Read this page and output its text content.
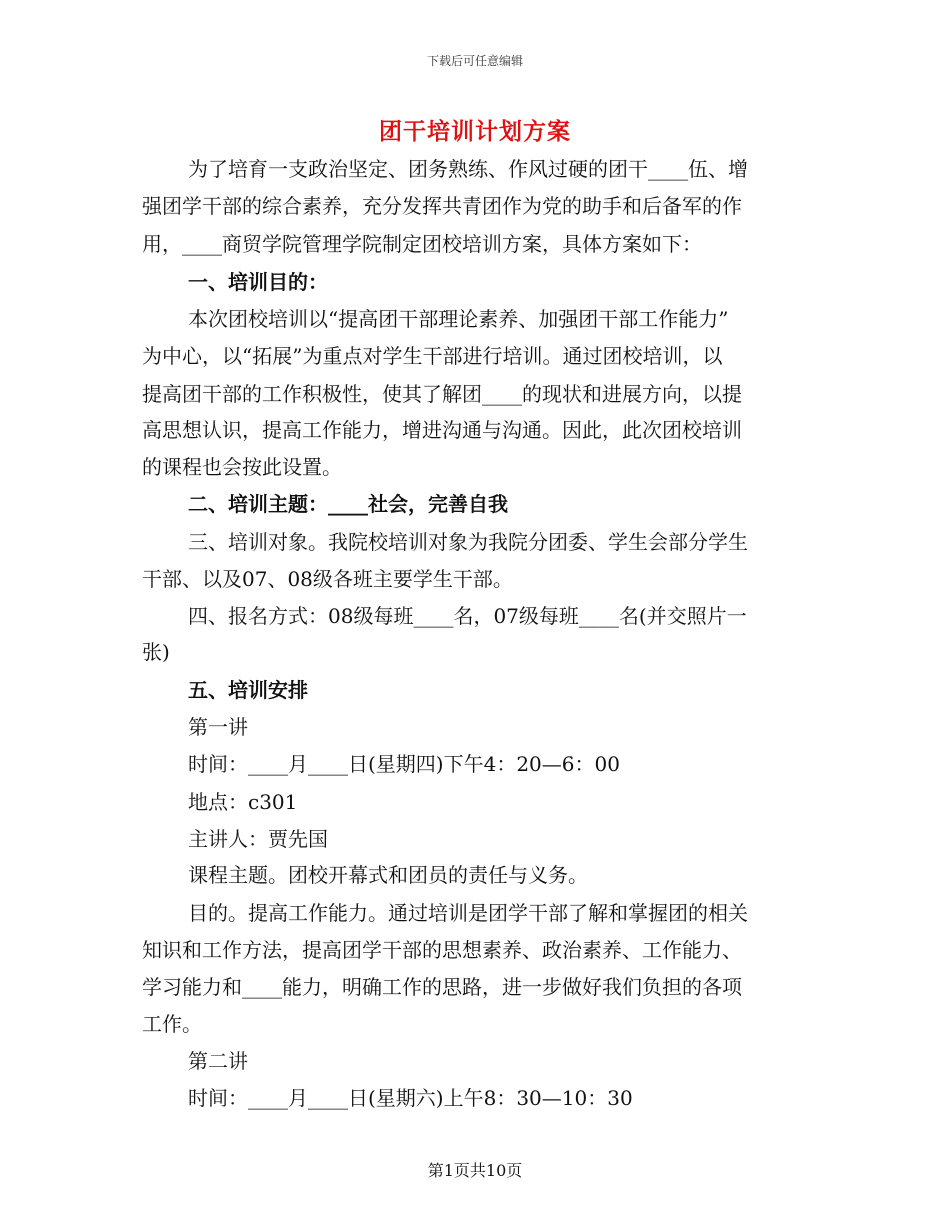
下载后可任意编辑
团干培训计划方案
为了培育一支政治坚定、团务熟练、作风过硬的团干____伍、增
强团学干部的综合素养，充分发挥共青团作为党的助手和后备军的作
用，____商贸学院管理学院制定团校培训方案，具体方案如下：
一、培训目的：
本次团校培训以“提高团干部理论素养、加强团干部工作能力”
为中心，以“拓展”为重点对学生干部进行培训。通过团校培训，以
提高团干部的工作积极性，使其了解团____的现状和进展方向，以提
高思想认识，提高工作能力，增进沟通与沟通。因此，此次团校培训
的课程也会按此设置。
二、培训主题：____社会，完善自我
三、培训对象。我院校培训对象为我院分团委、学生会部分学生
干部、以及07、08级各班主要学生干部。
四、报名方式：08级每班____名，07级每班____名(并交照片一
张)
五、培训安排
第一讲
时间：____月____日(星期四)下午4：20—6：00
地点：c301
主讲人：贾先国
课程主题。团校开幕式和团员的责任与义务。
目的。提高工作能力。通过培训是团学干部了解和掌握团的相关
知识和工作方法，提高团学干部的思想素养、政治素养、工作能力、
学习能力和____能力，明确工作的思路，进一步做好我们负担的各项
工作。
第二讲
时间：____月____日(星期六)上午8：30—10：30
第1页共10页
